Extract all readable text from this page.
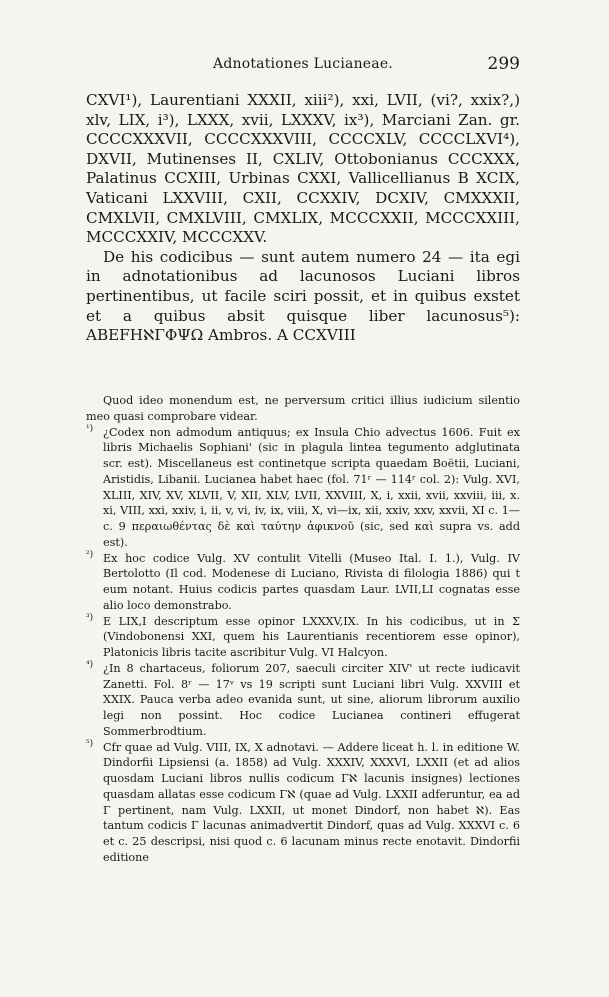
Adnotationes Lucianeae.	299

CXVI¹), Laurentiani XXXII, xiii²), xxi, LVII, (vi?, xxix?,) xlv, LIX, i³), LXXX, xvii, LXXXV, ix³), Marciani Zan. gr. CCCCXXXVII, CCCCXXXVIII, CCCCXLV, CCCCLXVI⁴), DXVII, Mutinenses II, CXLIV, Ottobonianus CCCXXX, Palatinus CCXIII, Urbinas CXXI, Vallicellianus B XCIX, Vaticani LXXVIII, CXII, CCXXIV, DCXIV, CMXXXII, CMXLVII, CMXLVIII, CMXLIX, MCCCXXII, MCCCXXIII, MCCCXXIV, MCCCXXV.

De his codicibus — sunt autem numero 24 — ita egi in adnotationibus ad lacunosos Luciani libros pertinentibus, ut facile sciri possit, et in quibus exstet et a quibus absit quisque liber lacunosus⁵): ABEFHℵΓΦΨΩ Ambros. A CCXVIII

Quod ideo monendum est, ne perversum critici illius iudicium silentio meo quasi comprobare videar.

¹) ¿Codex non admodum antiquus; ex Insula Chio advectus 1606. Fuit ex libris Michaelis Sophiani' (sic in plagula lintea tegumento adglutinata scr. est). Miscellaneus est continetque scripta quaedam Boëtii, Luciani, Aristidis, Libanii. Lucianea habet haec (fol. 71ʳ — 114ʳ col. 2): Vulg. XVI, XLIII, XIV, XV, XLVII, V, XII, XLV, LVII, XXVIII, X, i, xxii, xvii, xxviii, iii, x. xi, VIII, xxi, xxiv, i, ii, v, vi, iv, ix, viii, X, vi—ix, xii, xxiv, xxv, xxvii, XI c. 1—c. 9 περαιωθέντας δὲ καὶ ταύτην ἀφικνοῦ (sic, sed καὶ supra vs. add est).

²) Ex hoc codice Vulg. XV contulit Vitelli (Museo Ital. I. 1.), Vulg. IV Bertolotto (Il cod. Modenese di Luciano, Rivista di filologia 1886) qui t eum notant. Huius codicis partes quasdam Laur. LVII,LI cognatas esse alio loco demonstrabo.

³) E LIX,I descriptum esse opinor LXXXV,IX. In his codicibus, ut in Σ (Vindobonensi XXI, quem his Laurentianis recentiorem esse opinor), Platonicis libris tacite ascribitur Vulg. VI Halcyon.

⁴) ¿In 8 chartaceus, foliorum 207, saeculi circiter XIV' ut recte iudicavit Zanetti. Fol. 8ʳ — 17ᵛ vs 19 scripti sunt Luciani libri Vulg. XXVIII et XXIX. Pauca verba adeo evanida sunt, ut sine, aliorum librorum auxilio legi non possint. Hoc codice Lucianea contineri effugerat Sommerbrodtium.

⁵) Cfr quae ad Vulg. VIII, IX, X adnotavi. — Addere liceat h. l. in editione W. Dindorfii Lipsiensi (a. 1858) ad Vulg. XXXIV, XXXVI, LXXII (et ad alios quosdam Luciani libros nullis codicum Γℵ lacunis insignes) lectiones quasdam allatas esse codicum Γℵ (quae ad Vulg. LXXII adferuntur, ea ad Γ pertinent, nam Vulg. LXXII, ut monet Dindorf, non habet ℵ). Eas tantum codicis Γ lacunas animadvertit Dindorf, quas ad Vulg. XXXVI c. 6 et c. 25 descripsi, nisi quod c. 6 lacunam minus recte enotavit. Dindorfii editione
